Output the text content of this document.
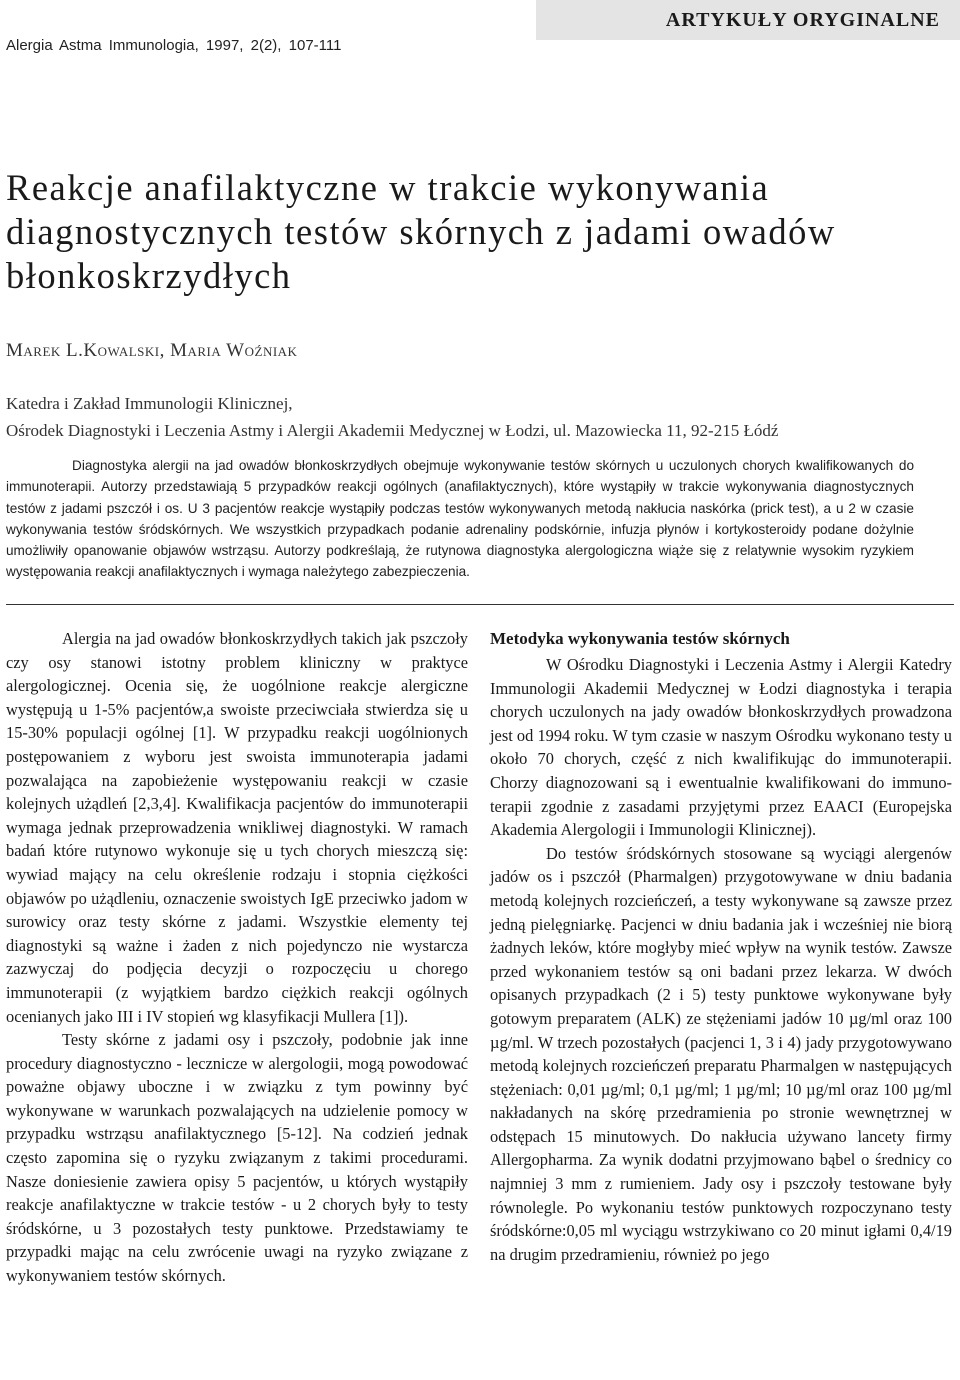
ARTYKUŁY ORYGINALNE
Alergia Astma Immunologia, 1997, 2(2), 107-111
Reakcje anafilaktyczne w trakcie wykonywania diagnostycznych testów skórnych z jadami owadów błonkoskrzydłych
Marek L.Kowalski, Maria Woźniak
Katedra i Zakład Immunologii Klinicznej,
Ośrodek Diagnostyki i Leczenia Astmy i Alergii Akademii Medycznej w Łodzi, ul. Mazowiecka 11, 92-215 Łódź

Diagnostyka alergii na jad owadów błonkoskrzydłych obejmuje wykonywanie testów skórnych u uczulonych chorych kwalifikowanych do immunoterapii. Autorzy przedstawiają 5 przypadków reakcji ogólnych (anafilaktycznych), które wystąpiły w trakcie wykonywania diagnostycznych testów z jadami pszczół i os. U 3 pacjentów reakcje wystąpiły podczas testów wykonywanych metodą nakłucia naskórka (prick test), a u 2 w czasie wykonywania testów śródskórnych. We wszystkich przypadkach podanie adrenaliny podskórnie, infuzja płynów i kortykosteroidy podane dożylnie umożliwiły opanowanie objawów wstrząsu. Autorzy podkreślają, że rutynowa diagnostyka alergologiczna wiąże się z relatywnie wysokim ryzykiem występowania reakcji anafilaktycznych i wymaga należytego zabezpieczenia.

Alergia na jad owadów błonkoskrzydłych takich jak pszczoły czy osy stanowi istotny problem kliniczny w praktyce alergologicznej. Ocenia się, że uogólnione reakcje alergiczne występują u 1-5% pacjentów,a swoiste przeciwciała stwierdza się u 15-30% populacji ogólnej [1]. W przypadku reakcji uogólnionych postępowaniem z wyboru jest swoista immunoterapia jadami pozwalająca na zapobieżenie występowaniu reakcji w czasie kolejnych użądleń [2,3,4]. Kwalifikacja pacjentów do immunoterapii wymaga jednak przeprowadzenia wnikliwej diagnostyki. W ramach badań które rutynowo wykonuje się u tych chorych mieszczą się: wywiad mający na celu określenie rodzaju i stopnia ciężkości objawów po użądleniu, oznaczenie swoistych IgE przeciwko jadom w surowicy oraz testy skórne z jadami. Wszystkie elementy tej diagnostyki są ważne i żaden z nich pojedynczo nie wystarcza zazwyczaj do podjęcia decyzji o rozpoczęciu u chorego immunoterapii (z wyjątkiem bardzo ciężkich reakcji ogólnych ocenianych jako III i IV stopień wg klasyfikacji Mullera [1]).

Testy skórne z jadami osy i pszczoły, podobnie jak inne procedury diagnostyczno - lecznicze w alergologii, mogą powodować poważne objawy uboczne i w związku z tym powinny być wykonywane w warunkach pozwalających na udzielenie pomocy w przypadku wstrząsu anafilaktycznego [5-12]. Na codzień jednak często zapomina się o ryzyku związanym z takimi procedurami. Nasze doniesienie zawiera opisy 5 pacjentów, u których wystąpiły reakcje anafilaktyczne w trakcie testów - u 2 chorych były to testy śródskórne, u 3 pozostałych testy punktowe. Przedstawiamy te przypadki mając na celu zwrócenie uwagi na ryzyko związane z wykonywaniem testów skórnych.

Metodyka wykonywania testów skórnych

W Ośrodku Diagnostyki i Leczenia Astmy i Alergii Katedry Immunologii Akademii Medycznej w Łodzi diagnostyka i terapia chorych uczulonych na jady owadów błonkoskrzydłych prowadzona jest od 1994 roku. W tym czasie w naszym Ośrodku wykonano testy u około 70 chorych, część z nich kwalifikując do immunoterapii. Chorzy diagnozowani są i ewentualnie kwalifikowani do immuno-terapii zgodnie z zasadami przyjętymi przez EAACI (Europejska Akademia Alergologii i Immunologii Klinicznej).

Do testów śródskórnych stosowane są wyciągi alergenów jadów os i pszczół (Pharmalgen) przygotowywane w dniu badania metodą kolejnych rozcieńczeń, a testy wykonywane są zawsze przez jedną pielęgniarkę. Pacjenci w dniu badania jak i wcześniej nie biorą żadnych leków, które mogłyby mieć wpływ na wynik testów. Zawsze przed wykonaniem testów są oni badani przez lekarza. W dwóch opisanych przypadkach (2 i 5) testy punktowe wykonywane były gotowym preparatem (ALK) ze stężeniami jadów 10 µg/ml oraz 100 µg/ml. W trzech pozostałych (pacjenci 1, 3 i 4) jady przygotowywano metodą kolejnych rozcieńczeń preparatu Pharmalgen w następujących stężeniach: 0,01 µg/ml; 0,1 µg/ml; 1 µg/ml; 10 µg/ml oraz 100 µg/ml nakładanych na skórę przedramienia po stronie wewnętrznej w odstępach 15 minutowych. Do nakłucia używano lancety firmy Allergopharma. Za wynik dodatni przyjmowano bąbel o średnicy co najmniej 3 mm z rumieniem. Jady osy i pszczoły testowane były równolegle. Po wykonaniu testów punktowych rozpoczynano testy śródskórne:0,05 ml wyciągu wstrzykiwano co 20 minut igłami 0,4/19 na drugim przedramieniu, również po jego
